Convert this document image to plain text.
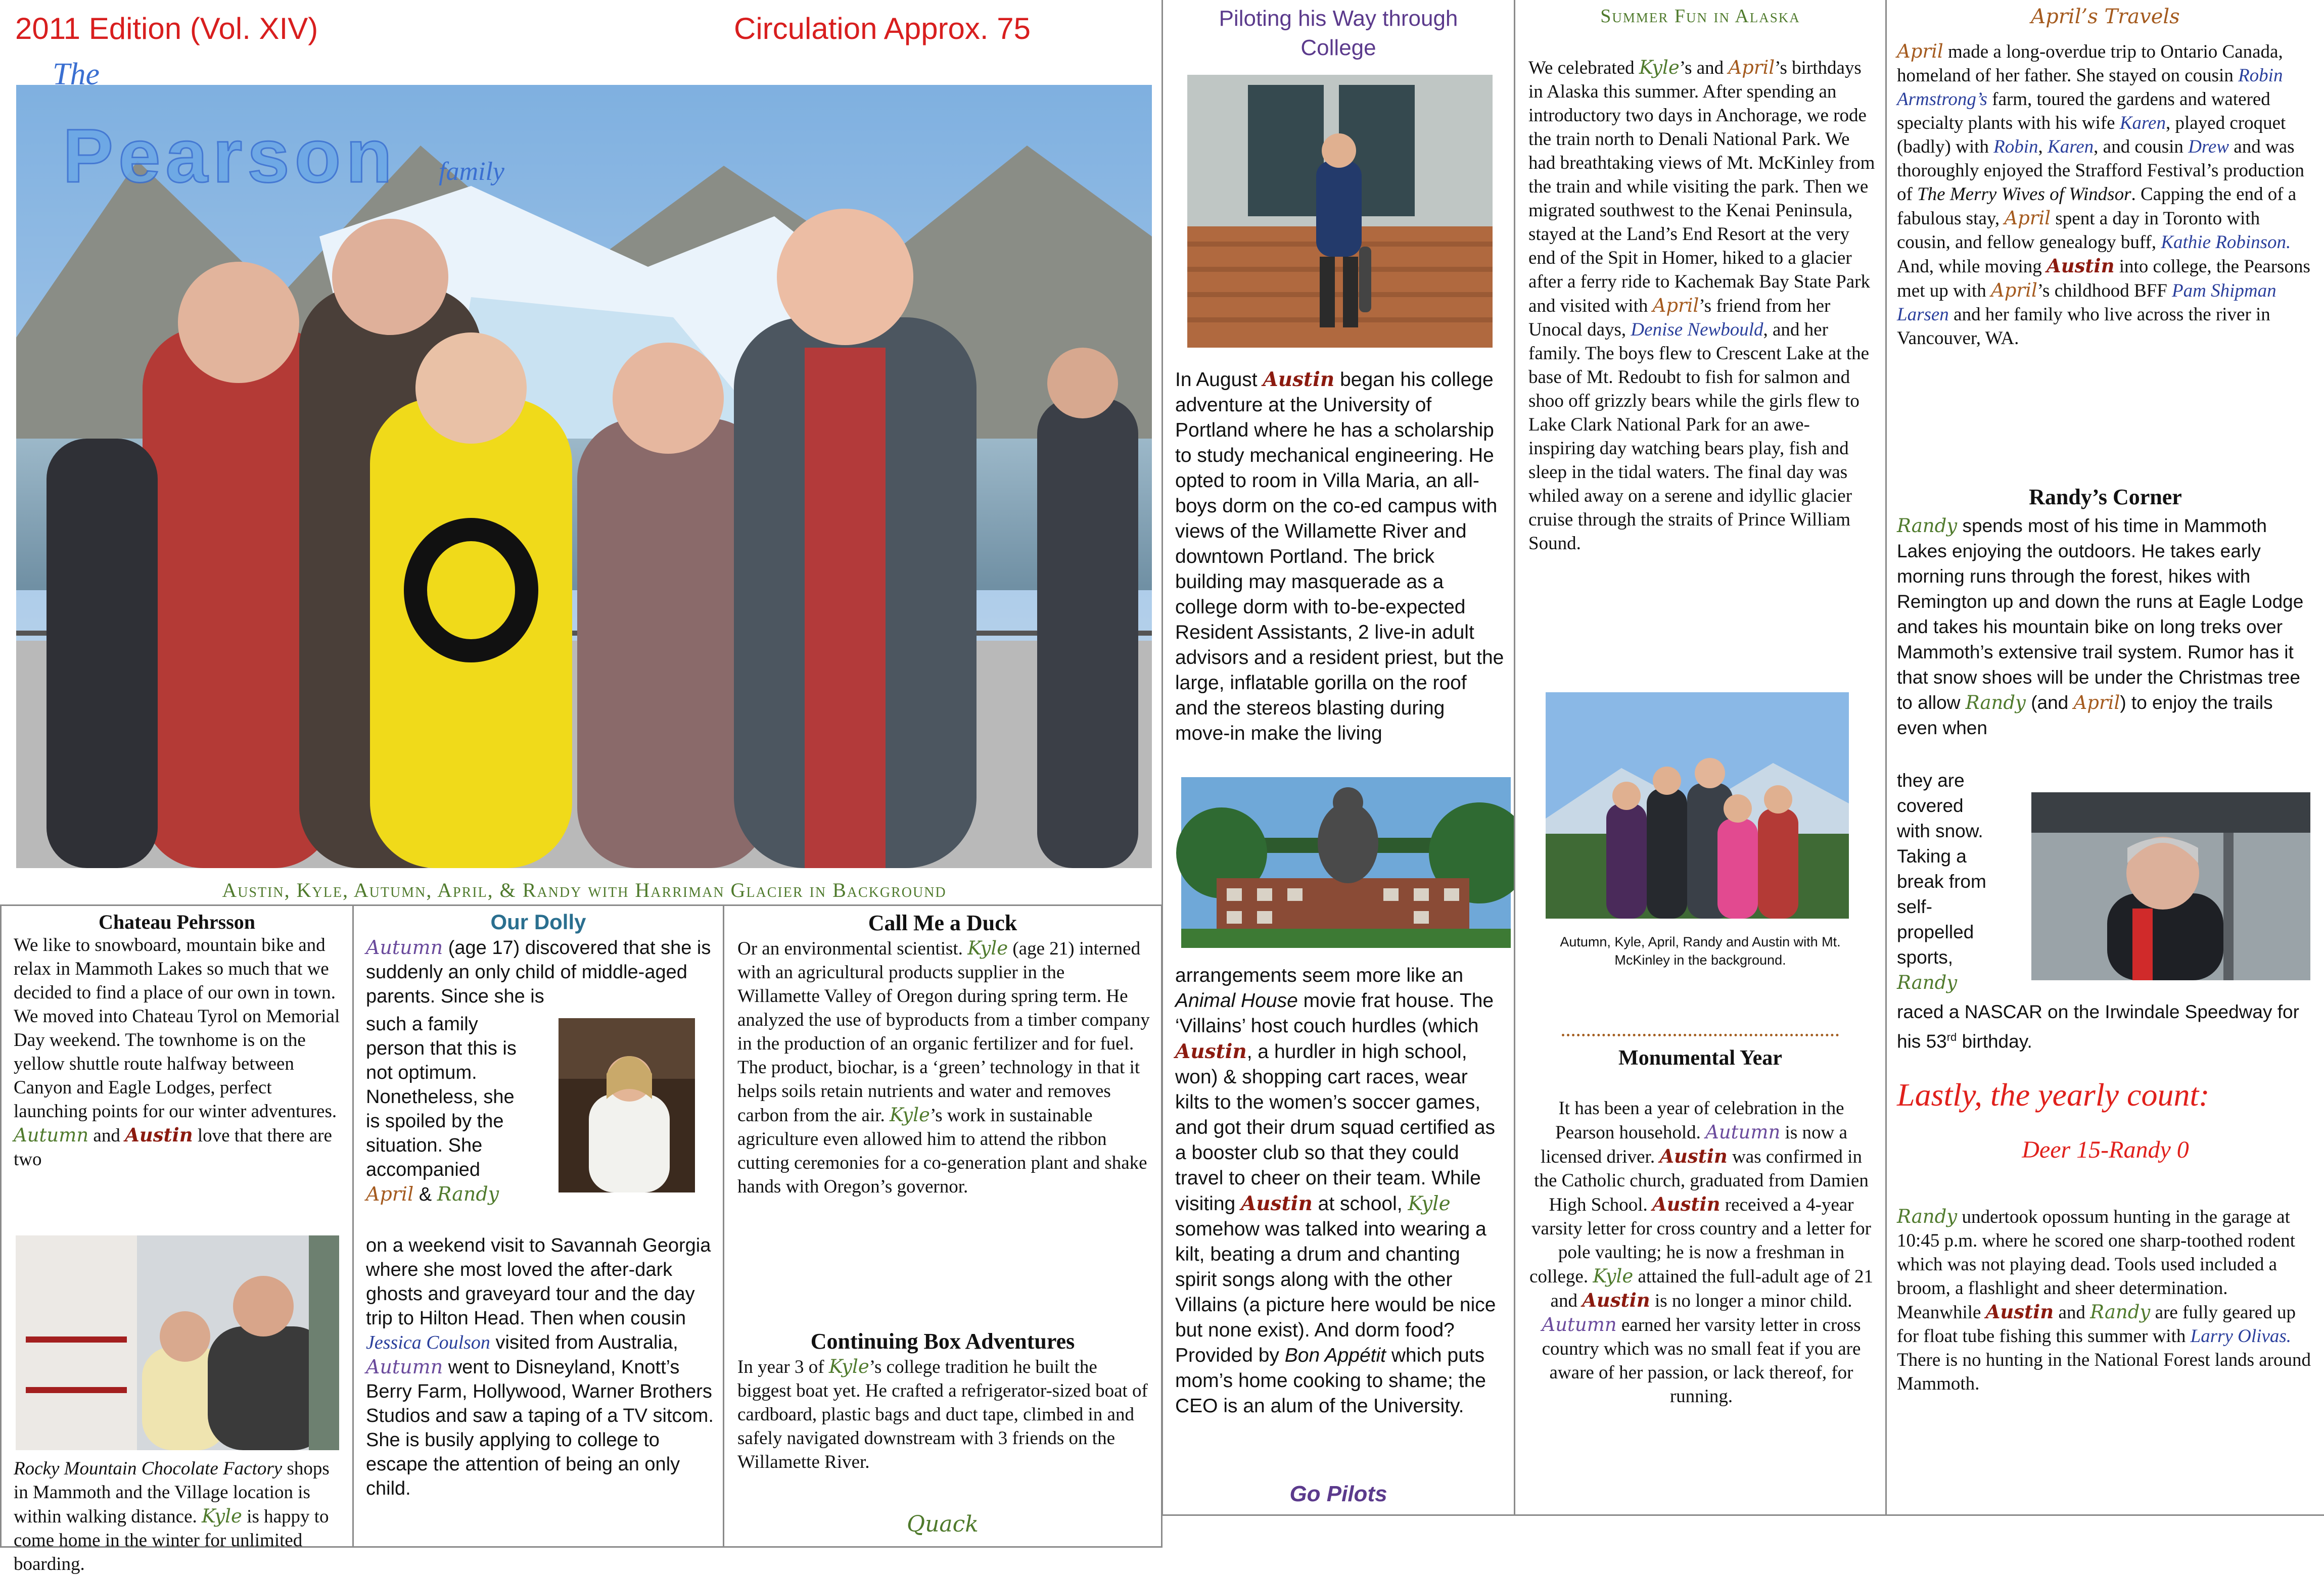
2011 Edition (Vol. XIV)	Circulation Approx. 75
The
Pearson family
Austin, Kyle, Autumn, April, & Randy with Harriman Glacier in Background
Chateau Pehrsson
We like to snowboard, mountain bike and relax in Mammoth Lakes so much that we decided to find a place of our own in town. We moved into Chateau Tyrol on Memorial Day weekend. The townhome is on the yellow shuttle route halfway between Canyon and Eagle Lodges, perfect launching points for our winter adventures. Autumn and Austin love that there are two
Rocky Mountain Chocolate Factory shops in Mammoth and the Village location is within walking distance. Kyle is happy to come home in the winter for unlimited boarding.
Our Dolly
Autumn (age 17) discovered that she is suddenly an only child of middle-aged parents. Since she is
such a family person that this is not optimum. Nonetheless, she is spoiled by the situation. She accompanied
April & Randy
on a weekend visit to Savannah Georgia where she most loved the after-dark ghosts and graveyard tour and the day trip to Hilton Head. Then when cousin Jessica Coulson visited from Australia, Autumn went to Disneyland, Knott’s Berry Farm, Hollywood, Warner Brothers Studios and saw a taping of a TV sitcom. She is busily applying to college to escape the attention of being an only child.
Call Me a Duck
Or an environmental scientist. Kyle (age 21) interned with an agricultural products supplier in the Willamette Valley of Oregon during spring term. He analyzed the use of byproducts from a timber company in the production of an organic fertilizer and for fuel. The product, biochar, is a ‘green’ technology in that it helps soils retain nutrients and water and removes carbon from the air. Kyle’s work in sustainable agriculture even allowed him to attend the ribbon cutting ceremonies for a co-generation plant and shake hands with Oregon’s governor.
Continuing Box Adventures
In year 3 of Kyle’s college tradition he built the biggest boat yet. He crafted a refrigerator-sized boat of cardboard, plastic bags and duct tape, climbed in and safely navigated downstream with 3 friends on the Willamette River.
Quack
Piloting his Way through College
In August Austin began his college adventure at the University of Portland where he has a scholarship to study mechanical engineering. He opted to room in Villa Maria, an all-boys dorm on the co-ed campus with views of the Willamette River and downtown Portland. The brick building may masquerade as a college dorm with to-be-expected Resident Assistants, 2 live-in adult advisors and a resident priest, but the large, inflatable gorilla on the roof and the stereos blasting during move-in make the living
arrangements seem more like an Animal House movie frat house. The ‘Villains’ host couch hurdles (which Austin, a hurdler in high school, won) & shopping cart races, wear kilts to the women’s soccer games, and got their drum squad certified as a booster club so that they could travel to cheer on their team. While visiting Austin at school, Kyle somehow was talked into wearing a kilt, beating a drum and chanting spirit songs along with the other Villains (a picture here would be nice but none exist). And dorm food? Provided by Bon Appétit which puts mom’s home cooking to shame; the CEO is an alum of the University.
Go Pilots
Summer Fun in Alaska
We celebrated Kyle’s and April’s birthdays in Alaska this summer. After spending an introductory two days in Anchorage, we rode the train north to Denali National Park. We had breathtaking views of Mt. McKinley from the train and while visiting the park. Then we migrated southwest to the Kenai Peninsula, stayed at the Land’s End Resort at the very end of the Spit in Homer, hiked to a glacier after a ferry ride to Kachemak Bay State Park and visited with April’s friend from her Unocal days, Denise Newbould, and her family. The boys flew to Crescent Lake at the base of Mt. Redoubt to fish for salmon and shoo off grizzly bears while the girls flew to Lake Clark National Park for an awe-inspiring day watching bears play, fish and sleep in the tidal waters. The final day was whiled away on a serene and idyllic glacier cruise through the straits of Prince William Sound.
Autumn, Kyle, April, Randy and Austin with Mt. McKinley in the background.
Monumental Year
It has been a year of celebration in the Pearson household. Autumn is now a licensed driver. Austin was confirmed in the Catholic church, graduated from Damien High School. Austin received a 4-year varsity letter for cross country and a letter for pole vaulting; he is now a freshman in college. Kyle attained the full-adult age of 21 and Austin is no longer a minor child. Autumn earned her varsity letter in cross country which was no small feat if you are aware of her passion, or lack thereof, for running.
April’s Travels
April made a long-overdue trip to Ontario Canada, homeland of her father. She stayed on cousin Robin Armstrong’s farm, toured the gardens and watered specialty plants with his wife Karen, played croquet (badly) with Robin, Karen, and cousin Drew and was thoroughly enjoyed the Strafford Festival’s production of The Merry Wives of Windsor. Capping the end of a fabulous stay, April spent a day in Toronto with cousin, and fellow genealogy buff, Kathie Robinson. And, while moving Austin into college, the Pearsons met up with April’s childhood BFF Pam Shipman Larsen and her family who live across the river in Vancouver, WA.
Randy’s Corner
Randy spends most of his time in Mammoth Lakes enjoying the outdoors. He takes early morning runs through the forest, hikes with Remington up and down the runs at Eagle Lodge and takes his mountain bike on long treks over Mammoth’s extensive trail system. Rumor has it that snow shoes will be under the Christmas tree to allow Randy (and April) to enjoy the trails even when
they are covered with snow. Taking a break from self-propelled sports, Randy
raced a NASCAR on the Irwindale Speedway for his 53rd birthday.
Lastly, the yearly count:
Deer 15-Randy 0
Randy undertook opossum hunting in the garage at 10:45 p.m. where he scored one sharp-toothed rodent which was not playing dead. Tools used included a broom, a flashlight and sheer determination. Meanwhile Austin and Randy are fully geared up for float tube fishing this summer with Larry Olivas. There is no hunting in the National Forest lands around Mammoth.
